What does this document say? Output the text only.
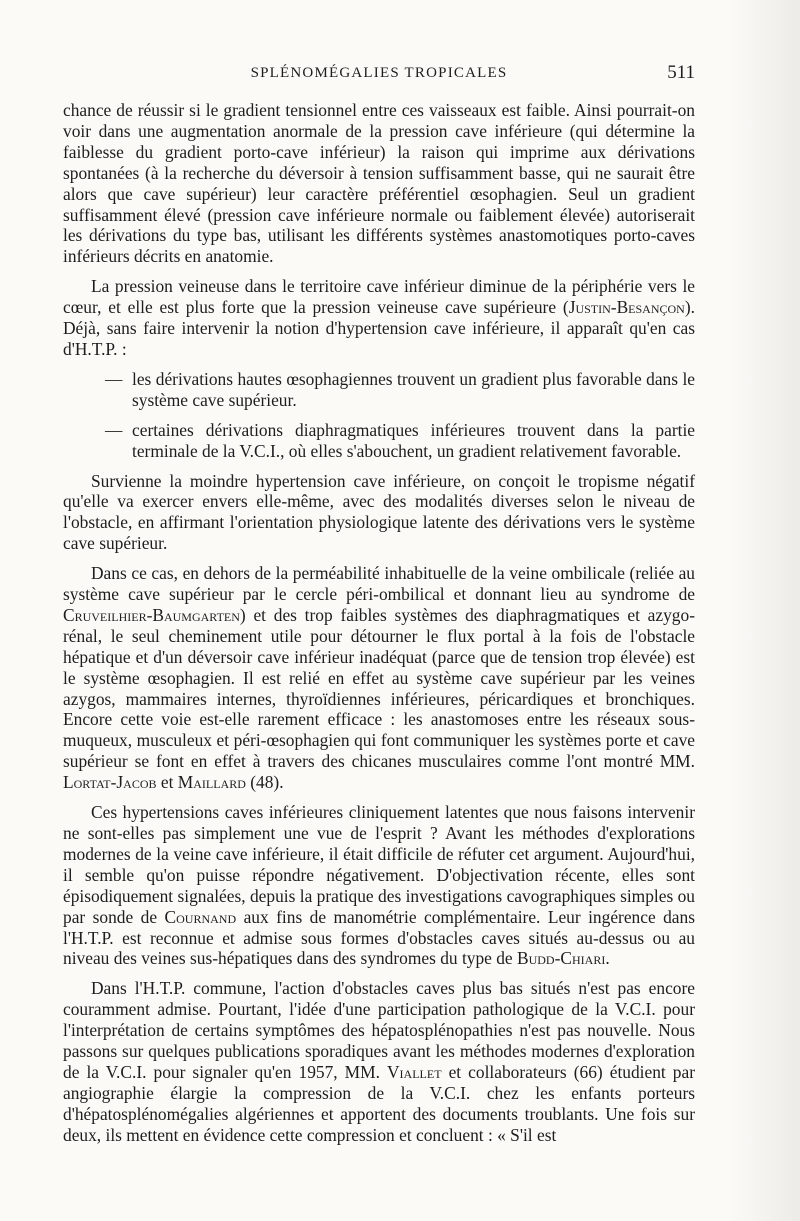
SPLÉNOMÉGALIES TROPICALES	511

chance de réussir si le gradient tensionnel entre ces vaisseaux est faible. Ainsi pourrait-on voir dans une augmentation anormale de la pression cave inférieure (qui détermine la faiblesse du gradient porto-cave inférieur) la raison qui imprime aux dérivations spontanées (à la recherche du déversoir à tension suffisamment basse, qui ne saurait être alors que cave supérieur) leur caractère préférentiel œsophagien. Seul un gradient suffisamment élevé (pression cave inférieure normale ou faiblement élevée) autoriserait les dérivations du type bas, utilisant les différents systèmes anastomotiques porto-caves inférieurs décrits en anatomie.

La pression veineuse dans le territoire cave inférieur diminue de la périphérie vers le cœur, et elle est plus forte que la pression veineuse cave supérieure (Justin-Besançon). Déjà, sans faire intervenir la notion d'hypertension cave inférieure, il apparaît qu'en cas d'H.T.P. :

— les dérivations hautes œsophagiennes trouvent un gradient plus favorable dans le système cave supérieur.
— certaines dérivations diaphragmatiques inférieures trouvent dans la partie terminale de la V.C.I., où elles s'abouchent, un gradient relativement favorable.

Survienne la moindre hypertension cave inférieure, on conçoit le tropisme négatif qu'elle va exercer envers elle-même, avec des modalités diverses selon le niveau de l'obstacle, en affirmant l'orientation physiologique latente des dérivations vers le système cave supérieur.

Dans ce cas, en dehors de la perméabilité inhabituelle de la veine ombilicale (reliée au système cave supérieur par le cercle péri-ombilical et donnant lieu au syndrome de Cruveilhier-Baumgarten) et des trop faibles systèmes des diaphragmatiques et azygo-rénal, le seul cheminement utile pour détourner le flux portal à la fois de l'obstacle hépatique et d'un déversoir cave inférieur inadéquat (parce que de tension trop élevée) est le système œsophagien. Il est relié en effet au système cave supérieur par les veines azygos, mammaires internes, thyroïdiennes inférieures, péricardiques et bronchiques. Encore cette voie est-elle rarement efficace : les anastomoses entre les réseaux sous-muqueux, musculeux et péri-œsophagien qui font communiquer les systèmes porte et cave supérieur se font en effet à travers des chicanes musculaires comme l'ont montré MM. Lortat-Jacob et Maillard (48).

Ces hypertensions caves inférieures cliniquement latentes que nous faisons intervenir ne sont-elles pas simplement une vue de l'esprit ? Avant les méthodes d'explorations modernes de la veine cave inférieure, il était difficile de réfuter cet argument. Aujourd'hui, il semble qu'on puisse répondre négativement. D'objectivation récente, elles sont épisodiquement signalées, depuis la pratique des investigations cavographiques simples ou par sonde de Cournand aux fins de manométrie complémentaire. Leur ingérence dans l'H.T.P. est reconnue et admise sous formes d'obstacles caves situés au-dessus ou au niveau des veines sus-hépatiques dans des syndromes du type de Budd-Chiari.

Dans l'H.T.P. commune, l'action d'obstacles caves plus bas situés n'est pas encore couramment admise. Pourtant, l'idée d'une participation pathologique de la V.C.I. pour l'interprétation de certains symptômes des hépatosplénopathies n'est pas nouvelle. Nous passons sur quelques publications sporadiques avant les méthodes modernes d'exploration de la V.C.I. pour signaler qu'en 1957, MM. Viallet et collaborateurs (66) étudient par angiographie élargie la compression de la V.C.I. chez les enfants porteurs d'hépatosplénomégalies algériennes et apportent des documents troublants. Une fois sur deux, ils mettent en évidence cette compression et concluent : « S'il est
